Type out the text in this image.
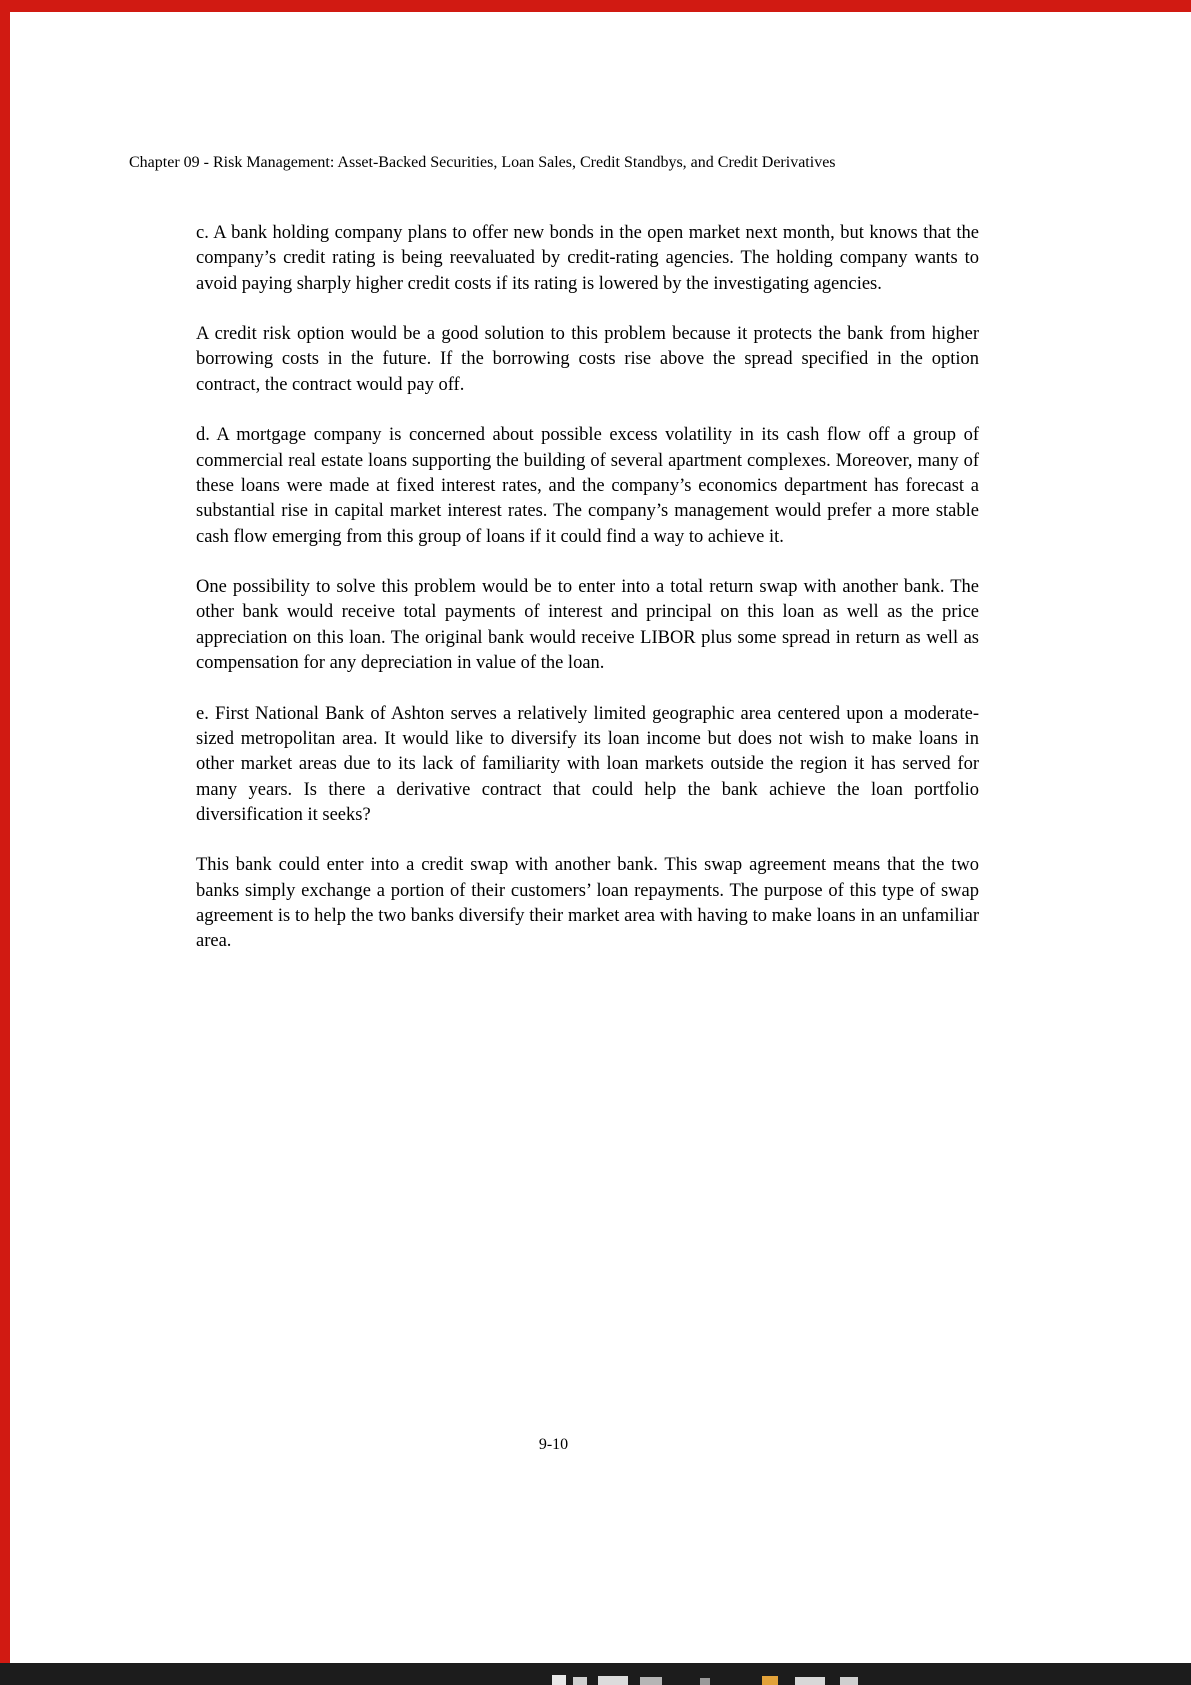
Chapter 09 - Risk Management: Asset-Backed Securities, Loan Sales, Credit Standbys, and Credit Derivatives

c. A bank holding company plans to offer new bonds in the open market next month, but knows that the company’s credit rating is being reevaluated by credit-rating agencies. The holding company wants to avoid paying sharply higher credit costs if its rating is lowered by the investigating agencies.

A credit risk option would be a good solution to this problem because it protects the bank from higher borrowing costs in the future. If the borrowing costs rise above the spread specified in the option contract, the contract would pay off.

d. A mortgage company is concerned about possible excess volatility in its cash flow off a group of commercial real estate loans supporting the building of several apartment complexes. Moreover, many of these loans were made at fixed interest rates, and the company’s economics department has forecast a substantial rise in capital market interest rates. The company’s management would prefer a more stable cash flow emerging from this group of loans if it could find a way to achieve it.

One possibility to solve this problem would be to enter into a total return swap with another bank. The other bank would receive total payments of interest and principal on this loan as well as the price appreciation on this loan. The original bank would receive LIBOR plus some spread in return as well as compensation for any depreciation in value of the loan.

e. First National Bank of Ashton serves a relatively limited geographic area centered upon a moderate-sized metropolitan area. It would like to diversify its loan income but does not wish to make loans in other market areas due to its lack of familiarity with loan markets outside the region it has served for many years. Is there a derivative contract that could help the bank achieve the loan portfolio diversification it seeks?

This bank could enter into a credit swap with another bank. This swap agreement means that the two banks simply exchange a portion of their customers’ loan repayments. The purpose of this type of swap agreement is to help the two banks diversify their market area with having to make loans in an unfamiliar area.

9-10
